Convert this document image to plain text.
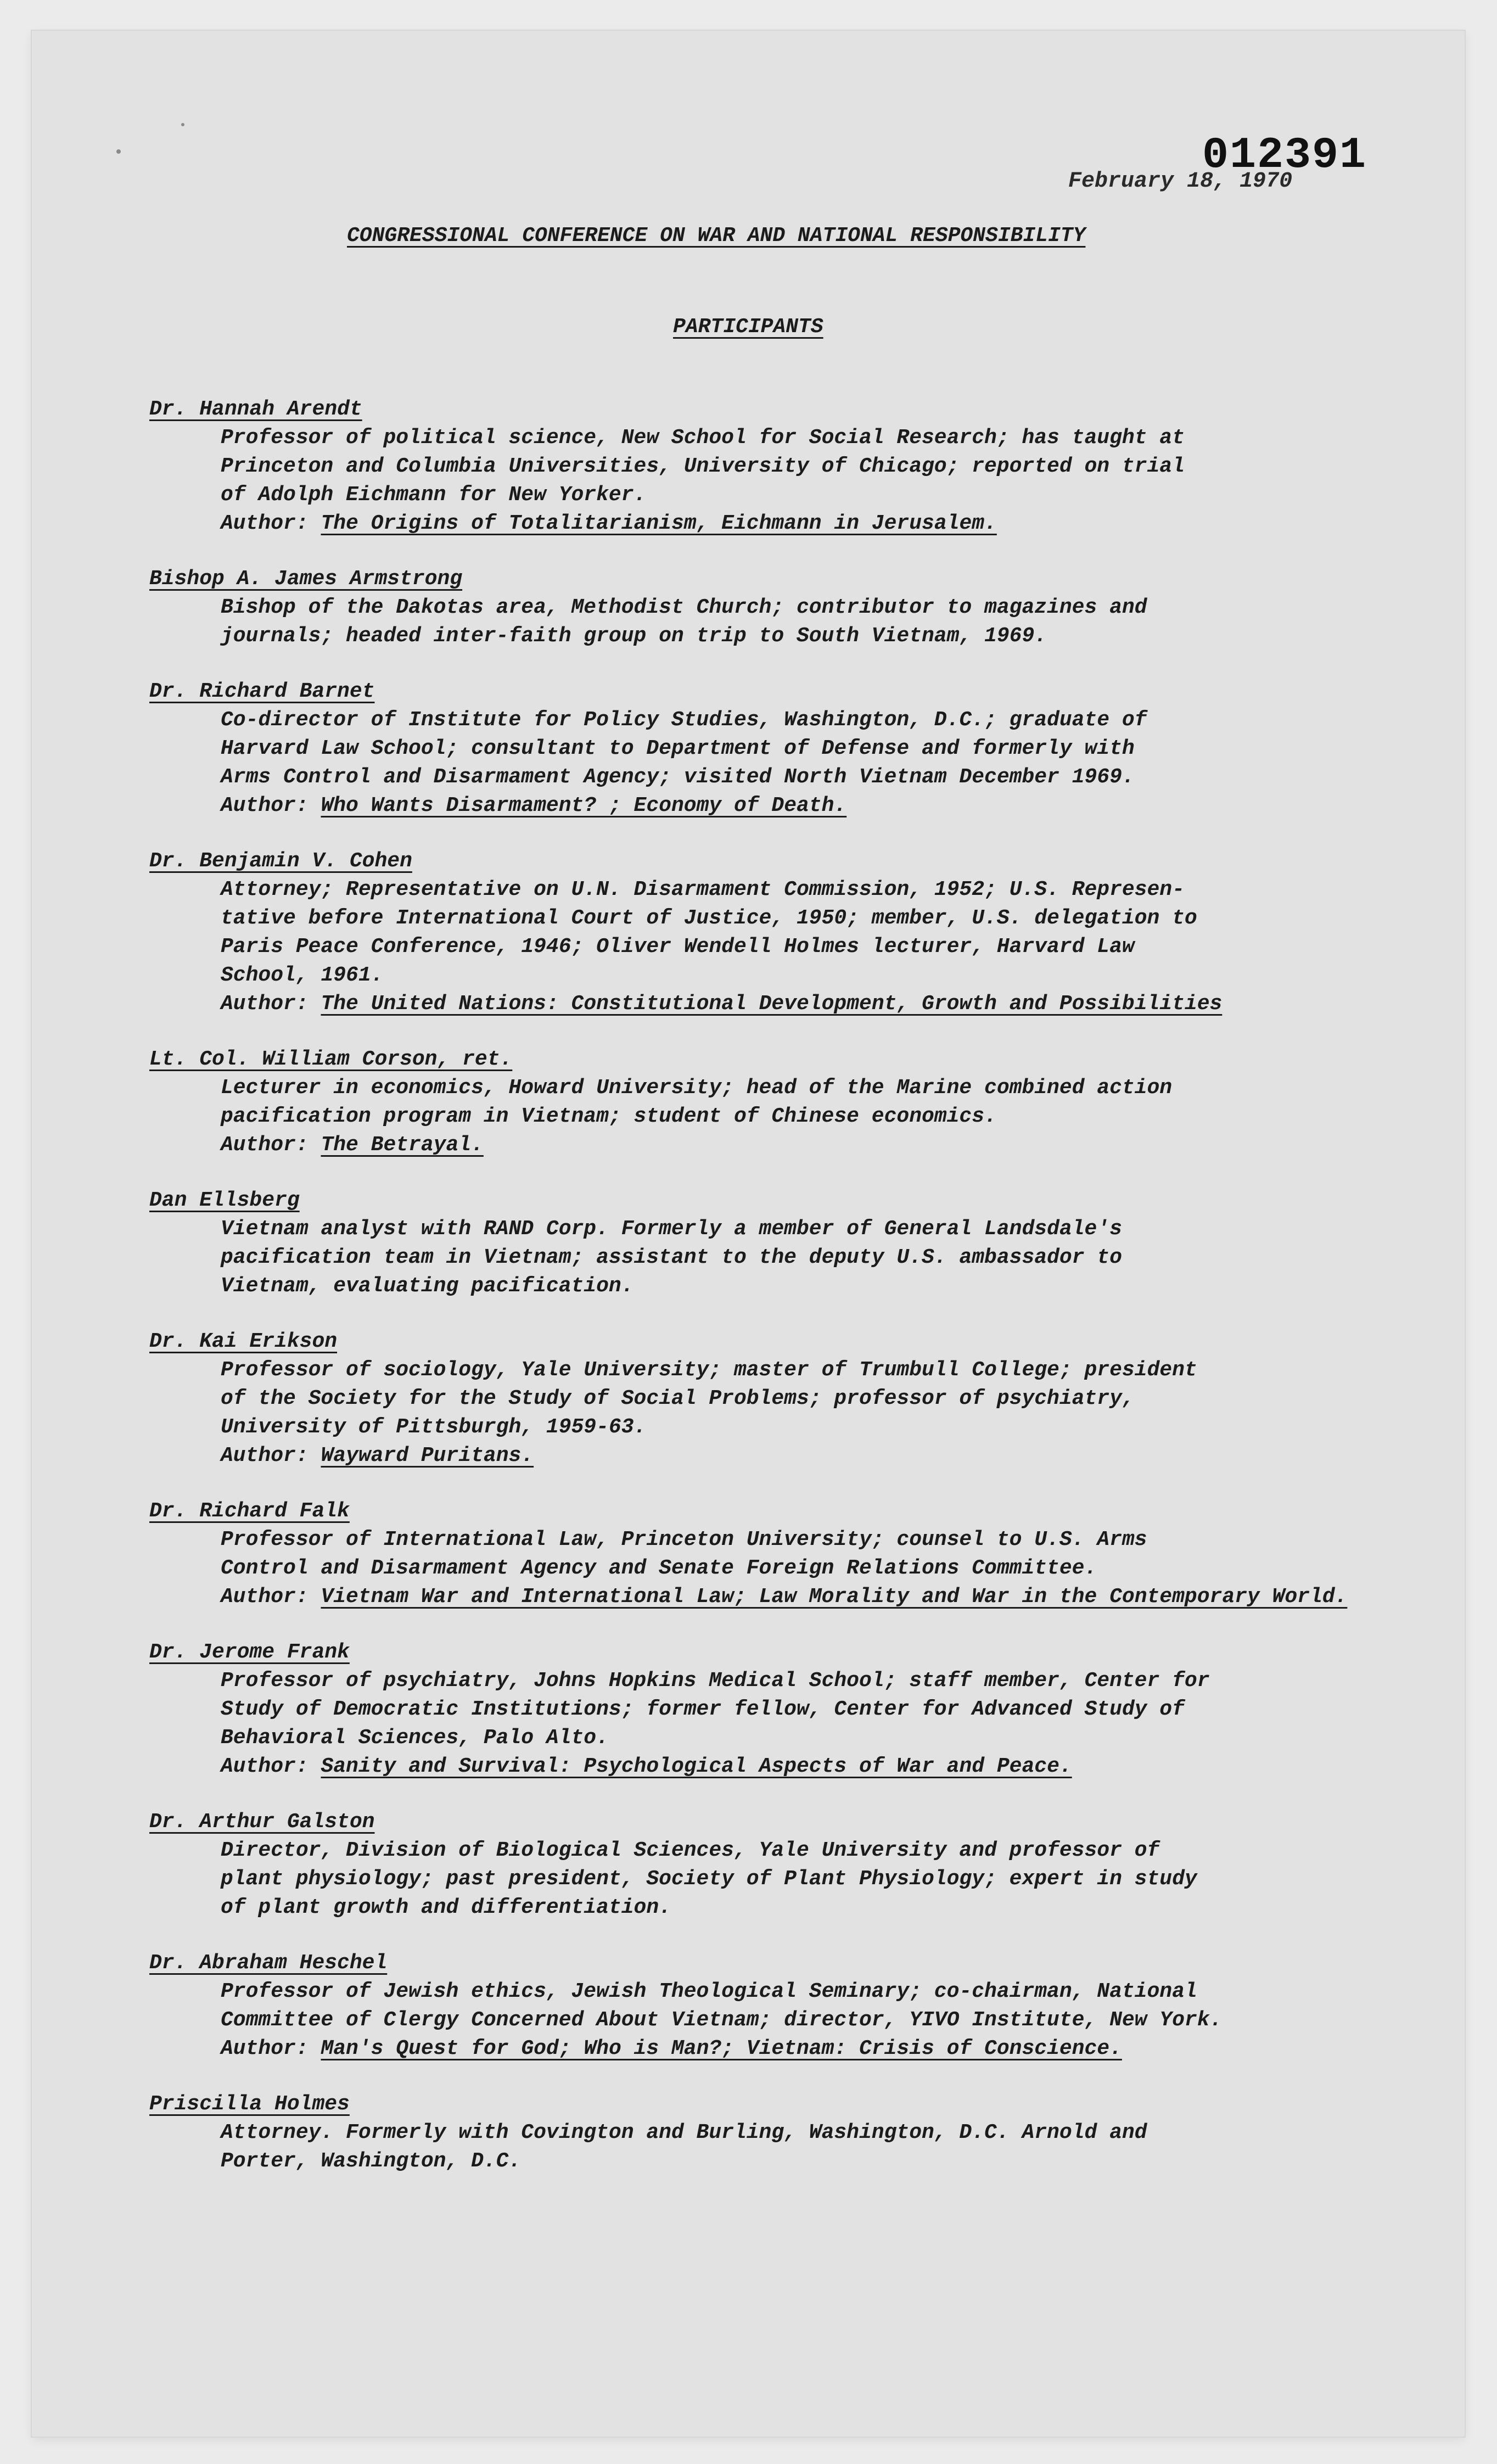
012391
February 18, 1970
CONGRESSIONAL CONFERENCE ON WAR AND NATIONAL RESPONSIBILITY
PARTICIPANTS
Dr. Hannah Arendt
Professor of political science, New School for Social Research; has taught at
Princeton and Columbia Universities, University of Chicago; reported on trial
of Adolph Eichmann for New Yorker.
Author: The Origins of Totalitarianism, Eichmann in Jerusalem.
Bishop A. James Armstrong
Bishop of the Dakotas area, Methodist Church; contributor to magazines and
journals; headed inter-faith group on trip to South Vietnam, 1969.
Dr. Richard Barnet
Co-director of Institute for Policy Studies, Washington, D.C.; graduate of
Harvard Law School; consultant to Department of Defense and formerly with
Arms Control and Disarmament Agency; visited North Vietnam December 1969.
Author: Who Wants Disarmament? ; Economy of Death.
Dr. Benjamin V. Cohen
Attorney; Representative on U.N. Disarmament Commission, 1952; U.S. Represen-
tative before International Court of Justice, 1950; member, U.S. delegation to
Paris Peace Conference, 1946; Oliver Wendell Holmes lecturer, Harvard Law
School, 1961.
Author: The United Nations: Constitutional Development, Growth and Possibilities
Lt. Col. William Corson, ret.
Lecturer in economics, Howard University; head of the Marine combined action
pacification program in Vietnam; student of Chinese economics.
Author: The Betrayal.
Dan Ellsberg
Vietnam analyst with RAND Corp. Formerly a member of General Landsdale's
pacification team in Vietnam; assistant to the deputy U.S. ambassador to
Vietnam, evaluating pacification.
Dr. Kai Erikson
Professor of sociology, Yale University; master of Trumbull College; president
of the Society for the Study of Social Problems; professor of psychiatry,
University of Pittsburgh, 1959-63.
Author: Wayward Puritans.
Dr. Richard Falk
Professor of International Law, Princeton University; counsel to U.S. Arms
Control and Disarmament Agency and Senate Foreign Relations Committee.
Author: Vietnam War and International Law; Law Morality and War in the Contemporary World.
Dr. Jerome Frank
Professor of psychiatry, Johns Hopkins Medical School; staff member, Center for
Study of Democratic Institutions; former fellow, Center for Advanced Study of
Behavioral Sciences, Palo Alto.
Author: Sanity and Survival: Psychological Aspects of War and Peace.
Dr. Arthur Galston
Director, Division of Biological Sciences, Yale University and professor of
plant physiology; past president, Society of Plant Physiology; expert in study
of plant growth and differentiation.
Dr. Abraham Heschel
Professor of Jewish ethics, Jewish Theological Seminary; co-chairman, National
Committee of Clergy Concerned About Vietnam; director, YIVO Institute, New York.
Author: Man's Quest for God; Who is Man?; Vietnam: Crisis of Conscience.
Priscilla Holmes
Attorney. Formerly with Covington and Burling, Washington, D.C. Arnold and
Porter, Washington, D.C.
